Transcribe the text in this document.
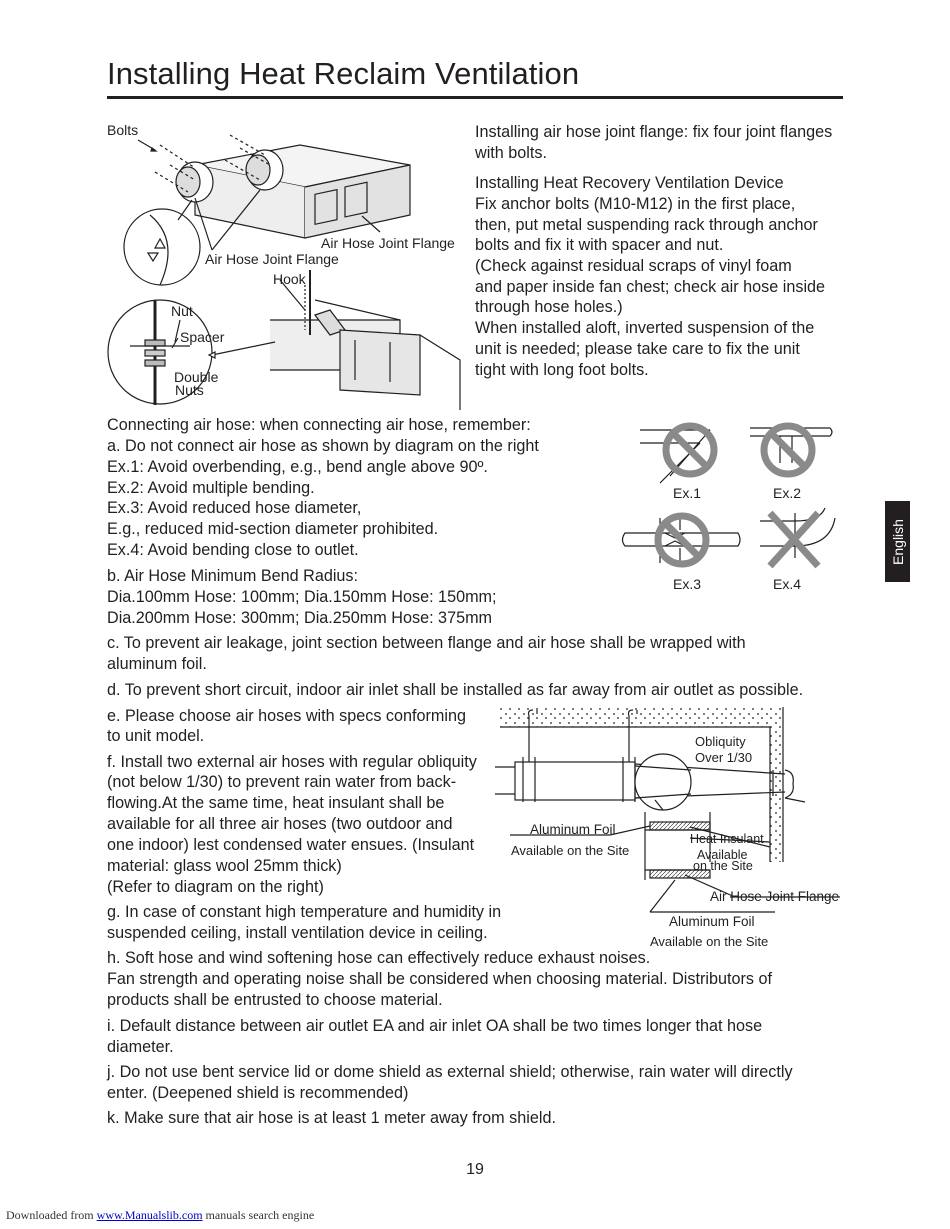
Installing Heat Reclaim Ventilation
Bolts
Air Hose Joint Flange
Air Hose Joint Flange
Hook
Nut
Spacer
Double
Nuts

Installing air hose joint flange: fix four joint flanges

with bolts.

Installing Heat Recovery Ventilation Device

Fix anchor bolts (M10-M12) in the first place,

then, put metal suspending rack through anchor

bolts and fix it with spacer and nut.

(Check against residual scraps of vinyl foam

and paper inside fan chest; check air hose inside

through hose holes.)

When installed aloft, inverted suspension of the

unit is needed; please take care to fix the unit

tight with long foot bolts.

Connecting air hose: when connecting air hose, remember:

a. Do not connect air hose as shown by diagram on the right

Ex.1: Avoid overbending, e.g., bend angle above 90º.

Ex.2: Avoid multiple bending.

Ex.3: Avoid reduced hose diameter,

E.g., reduced mid-section diameter prohibited.

Ex.4: Avoid bending close to outlet.

b. Air Hose Minimum Bend Radius:

Dia.100mm Hose: 100mm; Dia.150mm Hose: 150mm;

Dia.200mm Hose: 300mm; Dia.250mm Hose: 375mm

Ex.1	Ex.2
Ex.3	Ex.4
English

c. To prevent air leakage, joint section between flange and air hose shall be wrapped with

aluminum foil.

d. To prevent short circuit, indoor air inlet shall be installed as far away from air outlet as possible.

e. Please choose air hoses with specs conforming

to unit model.

f. Install two external air hoses with regular obliquity

(not below 1/30) to prevent rain water from back-

flowing.At the same time, heat insulant shall be

available for all three air hoses (two outdoor and

one indoor) lest condensed water ensues. (Insulant

material: glass wool 25mm thick)

(Refer to diagram on the right)

g. In case of constant high temperature and humidity in

suspended ceiling, install ventilation device in ceiling.

Obliquity
Over 1/30
Aluminum Foil
Available on the Site
Heat Insulant
Available
on the Site
Air Hose Joint Flange
Aluminum Foil
Available on the Site

h. Soft hose and wind softening hose can effectively reduce exhaust noises.

Fan strength and operating noise shall be considered when choosing material. Distributors of

products shall be entrusted to choose material.

i. Default distance between air outlet EA and air inlet OA shall be two times longer that hose

diameter.

j. Do not use bent service lid or dome shield as external shield; otherwise, rain water will directly

enter. (Deepened shield is recommended)

k. Make sure that air hose is at least 1 meter away from shield.

19
Downloaded from www.Manualslib.com manuals search engine
